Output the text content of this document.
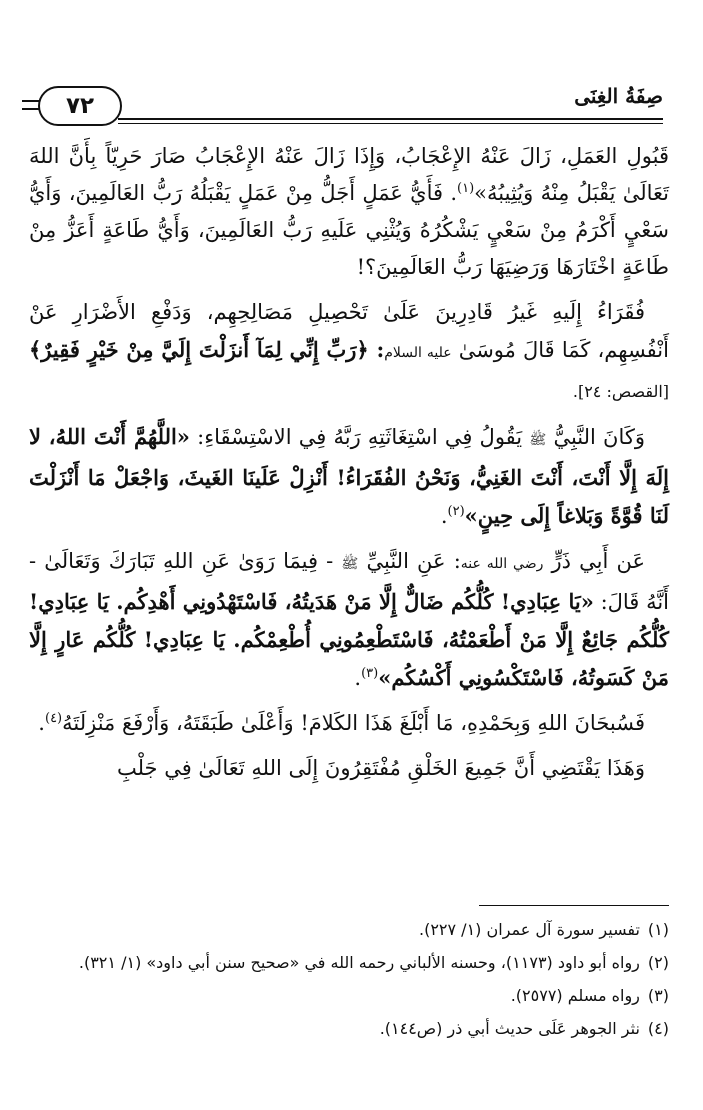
صِفَةُ الغِنَى
٧٢

قَبُولِ العَمَلِ، زَالَ عَنْهُ الإِعْجَابُ، وَإِذَا زَالَ عَنْهُ الإِعْجَابُ صَارَ حَرِيّاً بِأَنَّ اللهَ تَعَالَىٰ يَقْبَلُ مِنْهُ وَيُثِيبُهُ»$^{(١)}$. فَأَيُّ عَمَلٍ أَجَلُّ مِنْ عَمَلٍ يَقْبَلُهُ رَبُّ العَالَمِينَ، وَأَيُّ سَعْيٍ أَكْرَمُ مِنْ سَعْيٍ يَشْكُرُهُ وَيُثْنِي عَلَيهِ رَبُّ العَالَمِينَ، وَأَيُّ طَاعَةٍ أَعَزُّ مِنْ طَاعَةٍ اخْتَارَهَا وَرَضِيَهَا رَبُّ العَالَمِينَ؟!

فُقَرَاءُ إِلَيهِ غَيرُ قَادِرِينَ عَلَىٰ تَحْصِيلِ مَصَالِحِهِم، وَدَفْعِ الأَضْرَارِ عَنْ أَنْفُسِهِم، كَمَا قَالَ مُوسَىٰ عليه السلام: ﴿رَبِّ إِنِّي لِمَآ أَنزَلْتَ إِلَيَّ مِنْ خَيْرٍ فَقِيرٌ﴾ [القصص: ٢٤].

وَكَانَ النَّبِيُّ ﷺ يَقُولُ فِي اسْتِغَاثَتِهِ رَبَّهُ فِي الاسْتِسْقَاءِ: «اللَّهُمَّ أَنْتَ اللهُ، لا إِلَهَ إِلَّا أَنْتَ، أَنْتَ الغَنِيُّ، وَنَحْنُ الفُقَرَاءُ! أَنْزِلْ عَلَينَا الغَيثَ، وَاجْعَلْ مَا أَنْزَلْتَ لَنَا قُوَّةً وَبَلاغاً إِلَى حِينٍ»$^{(٢)}$.

عَن أَبِي ذَرٍّ رضي الله عنه: عَنِ النَّبِيِّ ﷺ - فِيمَا رَوَىٰ عَنِ اللهِ تَبَارَكَ وَتَعَالَىٰ - أَنَّهُ قَالَ: «يَا عِبَادِي! كُلُّكُم ضَالٌّ إِلَّا مَنْ هَدَيتُهُ، فَاسْتَهْدُونِي أَهْدِكُم. يَا عِبَادِي! كُلُّكُم جَائِعٌ إِلَّا مَنْ أَطْعَمْتُهُ، فَاسْتَطْعِمُونِي أُطْعِمْكُم. يَا عِبَادِي! كُلُّكُم عَارٍ إِلَّا مَنْ كَسَوتُهُ، فَاسْتَكْسُونِي أَكْسُكُم»$^{(٣)}$.

فَسُبحَانَ اللهِ وَبِحَمْدِهِ، مَا أَبْلَغَ هَذَا الكَلامَ! وَأَعْلَىٰ طَبَقَتَهُ، وَأَرْفَعَ مَنْزِلَتَهُ$^{(٤)}$.

وَهَذَا يَقْتَضِي أَنَّ جَمِيعَ الخَلْقِ مُفْتَقِرُونَ إِلَى اللهِ تَعَالَىٰ فِي جَلْبِ

(١)تفسير سورة آل عمران (١/ ٢٢٧).
(٢)رواه أبو داود (١١٧٣)، وحسنه الألباني رحمه الله في «صحيح سنن أبي داود» (١/ ٣٢١).
(٣)رواه مسلم (٢٥٧٧).
(٤)نثر الجوهر عَلَى حديث أبي ذر (ص١٤٤).
